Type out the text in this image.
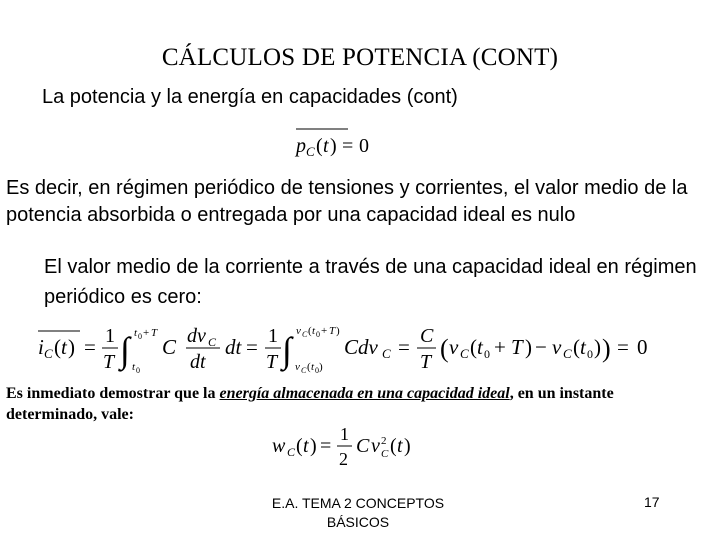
CÁLCULOS DE POTENCIA (CONT)
La potencia y la energía en capacidades (cont)
p C ( t ) = 0
Es decir, en régimen periódico de tensiones y corrientes, el valor medio de la potencia absorbida o entregada por una capacidad ideal es nulo
El valor medio de la corriente a través de una capacidad ideal en régimen periódico es cero:
i C ( t ) = 1
T ∫ t 0 + T
t 0
C dv C
dt
dt = 1
T ∫ v C ( t 0 + T )
v C ( t 0 )
Cdv C = C
T ( v C ( t 0 + T ) − v C ( t 0 ) ) = 0
Es inmediato demostrar que la energía almacenada en una capacidad ideal, en un instante determinado, vale:
w C ( t ) =
1
2
C v 2
C ( t )
E.A. TEMA 2 CONCEPTOS BÁSICOS
17
